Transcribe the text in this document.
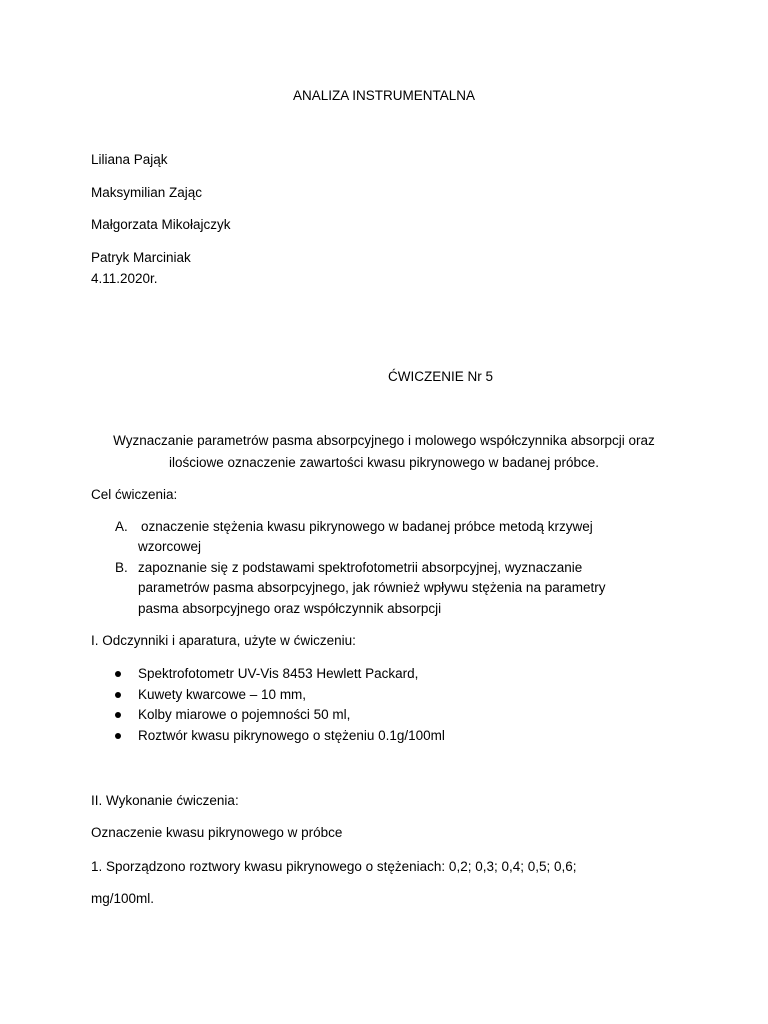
ANALIZA INSTRUMENTALNA
Liliana Pająk
Maksymilian Zając
Małgorzata Mikołajczyk
Patryk Marciniak
4.11.2020r.
ĆWICZENIE Nr 5
Wyznaczanie parametrów pasma absorpcyjnego i molowego współczynnika absorpcji oraz
ilościowe oznaczenie zawartości kwasu pikrynowego w badanej próbce.
Cel ćwiczenia:
A. oznaczenie stężenia kwasu pikrynowego w badanej próbce metodą krzywej
wzorcowej
B. zapoznanie się z podstawami spektrofotometrii absorpcyjnej, wyznaczanie
parametrów pasma absorpcyjnego, jak również wpływu stężenia na parametry
pasma absorpcyjnego oraz współczynnik absorpcji
I. Odczynniki i aparatura, użyte w ćwiczeniu:
Spektrofotometr UV-Vis 8453 Hewlett Packard,
Kuwety kwarcowe – 10 mm,
Kolby miarowe o pojemności 50 ml,
Roztwór kwasu pikrynowego o stężeniu 0.1g/100ml
II. Wykonanie ćwiczenia:
Oznaczenie kwasu pikrynowego w próbce
1. Sporządzono roztwory kwasu pikrynowego o stężeniach: 0,2; 0,3; 0,4; 0,5; 0,6;
mg/100ml.
